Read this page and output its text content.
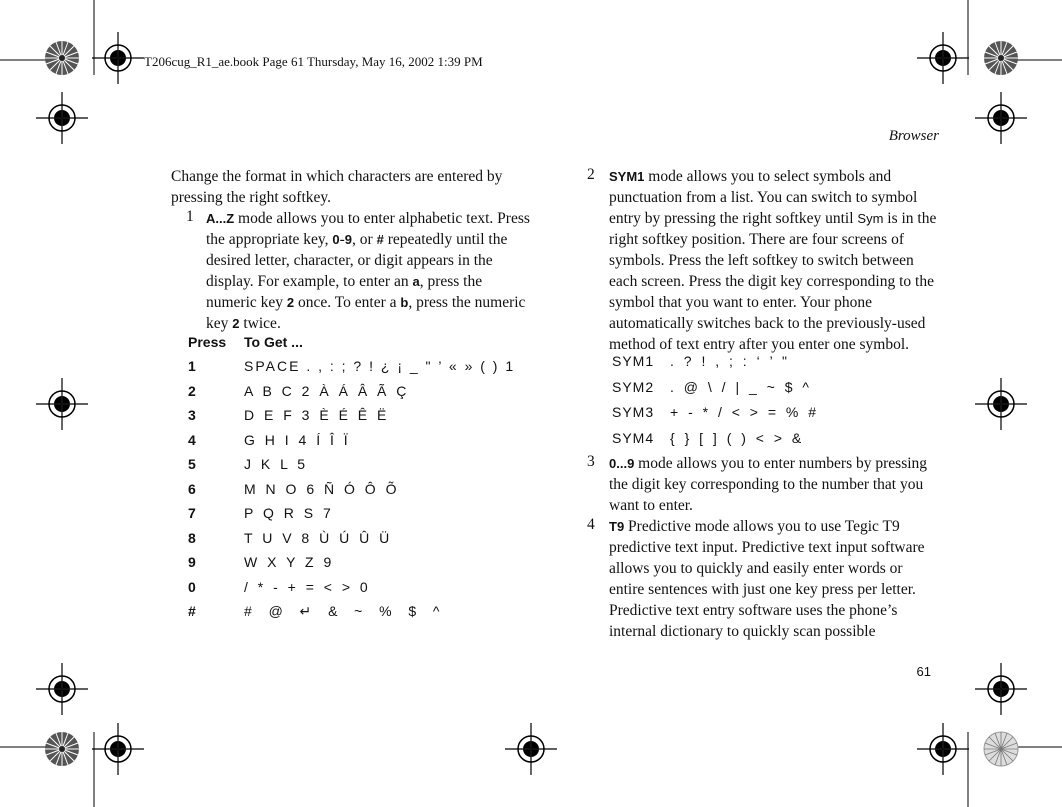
T206cug_R1_ae.book Page 61 Thursday, May 16, 2002 1:39 PM
Browser
61
Change the format in which characters are entered by pressing the right softkey.
1 A...Z mode allows you to enter alphabetic text. Press the appropriate key, 0-9, or # repeatedly until the desired letter, character, or digit appears in the display. For example, to enter an a, press the numeric key 2 once. To enter a b, press the numeric key 2 twice.
Press To Get ...
1	SPACE . , : ; ? ! ¿ ¡ _ " ’ « » ( ) 1
2	A B C 2 À Á Â Ã Ç
3	D E F 3 È É Ê Ë
4	G H I 4 Í Î Ï
5	J K L 5
6	M N O 6 Ñ Ó Ô Õ
7	P Q R S 7
8	T U V 8 Ù Ú Û Ü
9	W X Y Z 9
0	/ * - + = < > 0
#	#  @  ↵  &  ~  %  $  ^
2 SYM1 mode allows you to select symbols and punctuation from a list. You can switch to symbol entry by pressing the right softkey until Sym is in the right softkey position. There are four screens of symbols. Press the left softkey to switch between each screen. Press the digit key corresponding to the symbol that you want to enter. Your phone automatically switches back to the previously-used method of text entry after you enter one symbol.
SYM1 . ? ! , ; : ‘ ’ "
SYM2 . @ \ / | _ ~ $ ^
SYM3 + - * / < > = % #
SYM4 { } [ ] ( ) < > &
3 0...9 mode allows you to enter numbers by pressing the digit key corresponding to the number that you want to enter.
4 T9 Predictive mode allows you to use Tegic T9 predictive text input. Predictive text input software allows you to quickly and easily enter words or entire sentences with just one key press per letter. Predictive text entry software uses the phone’s internal dictionary to quickly scan possible
